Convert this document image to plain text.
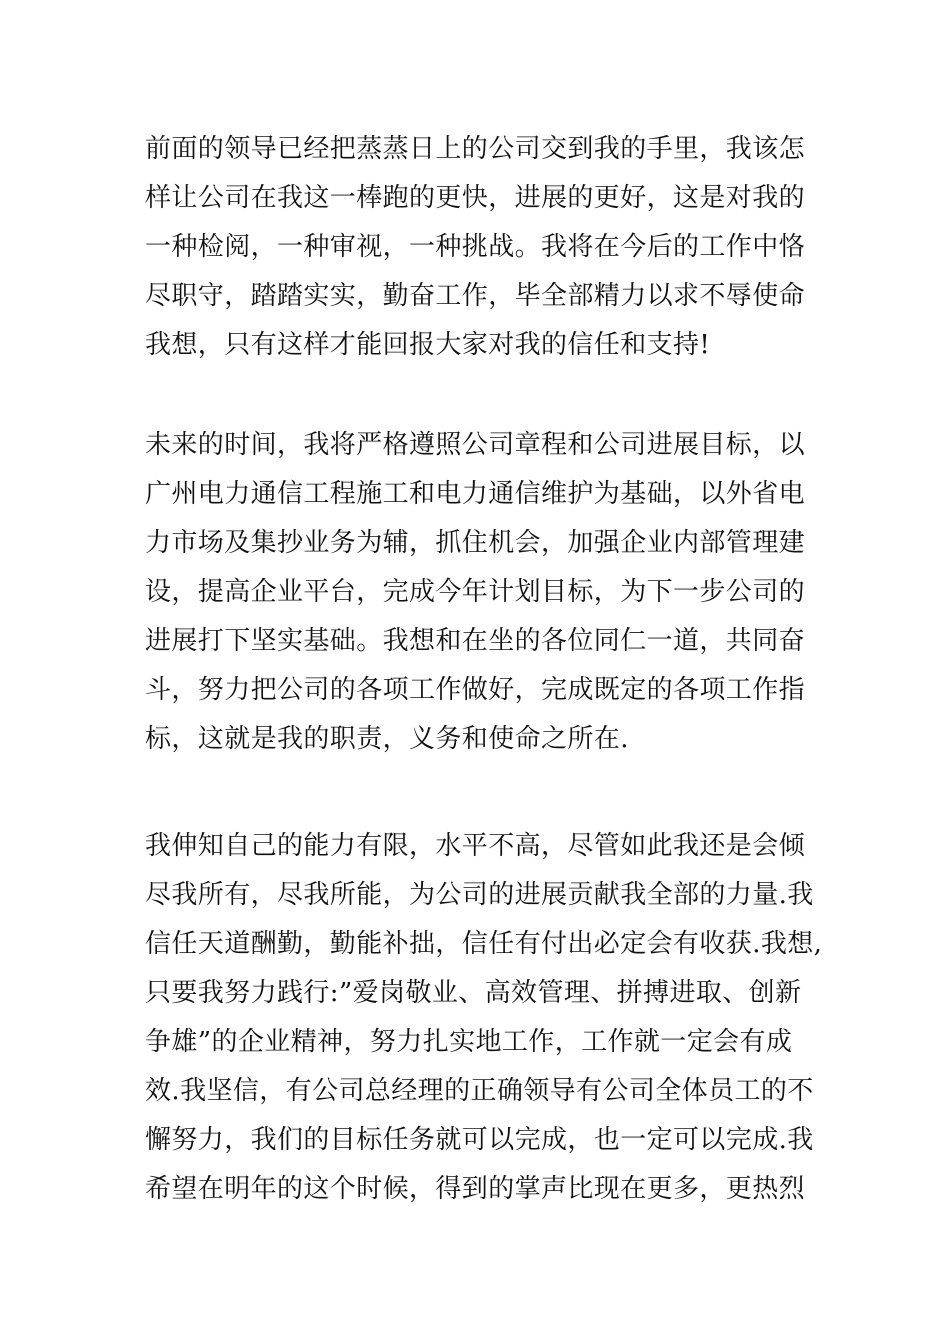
前面的领导已经把蒸蒸日上的公司交到我的手里，我该怎
样让公司在我这一棒跑的更快，进展的更好，这是对我的
一种检阅，一种审视，一种挑战。我将在今后的工作中恪
尽职守，踏踏实实，勤奋工作，毕全部精力以求不辱使命
我想，只有这样才能回报大家对我的信任和支持!
未来的时间，我将严格遵照公司章程和公司进展目标，以
广州电力通信工程施工和电力通信维护为基础，以外省电
力市场及集抄业务为辅，抓住机会，加强企业内部管理建
设，提高企业平台，完成今年计划目标，为下一步公司的
进展打下坚实基础。我想和在坐的各位同仁一道，共同奋
斗，努力把公司的各项工作做好，完成既定的各项工作指
标，这就是我的职责，义务和使命之所在.
我伸知自己的能力有限，水平不高，尽管如此我还是会倾
尽我所有，尽我所能，为公司的进展贡献我全部的力量.我
信任天道酬勤，勤能补拙，信任有付出必定会有收获.我想,
只要我努力践行:”爱岗敬业、高效管理、拼搏进取、创新
争雄”的企业精神，努力扎实地工作，工作就一定会有成
效.我坚信，有公司总经理的正确领导有公司全体员工的不
懈努力，我们的目标任务就可以完成，也一定可以完成.我
希望在明年的这个时候，得到的掌声比现在更多，更热烈
